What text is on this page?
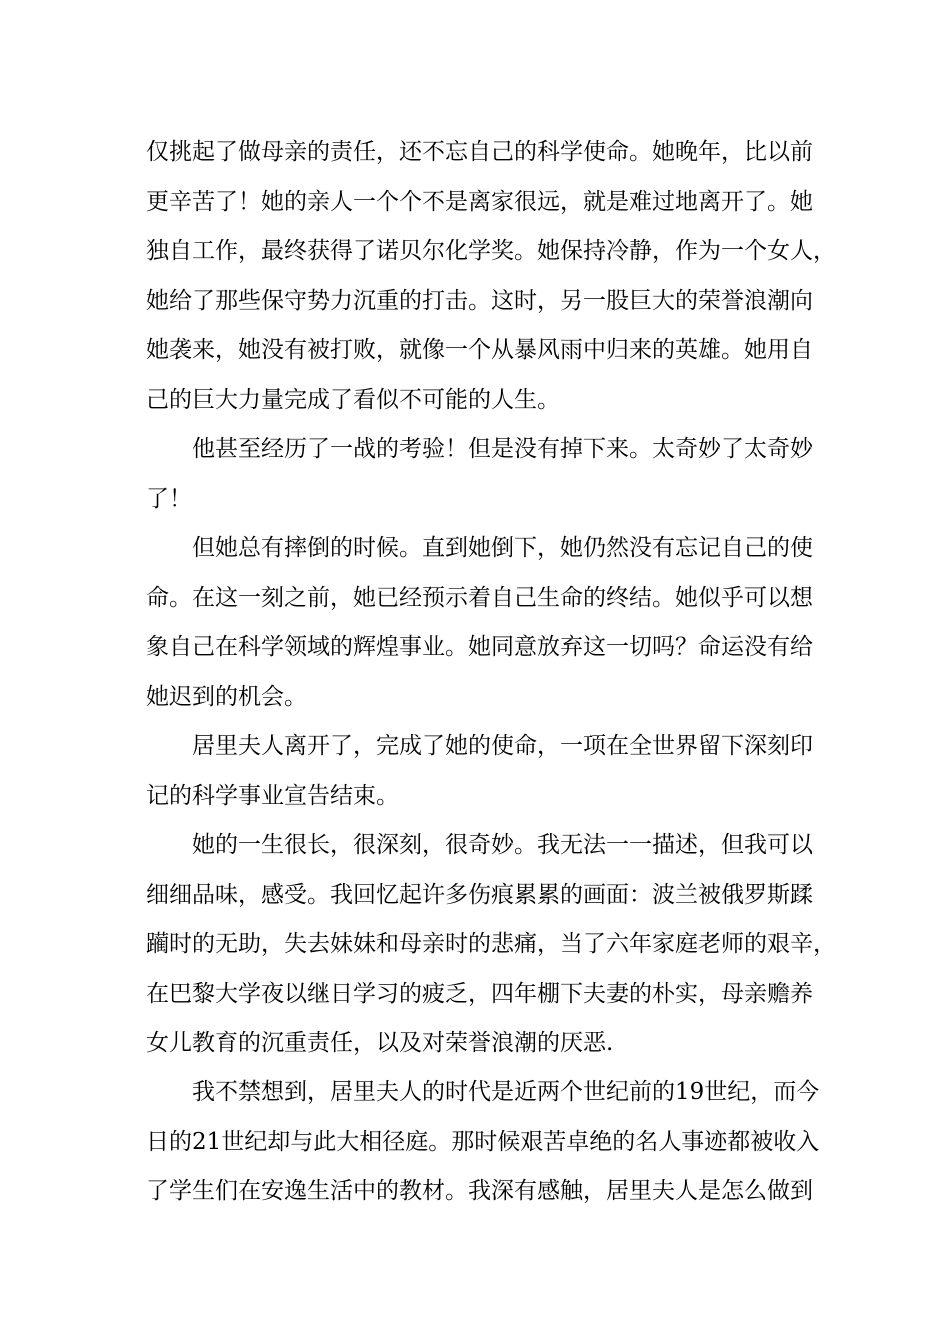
仅挑起了做母亲的责任，还不忘自己的科学使命。她晚年，比以前
更辛苦了！她的亲人一个个不是离家很远，就是难过地离开了。她
独自工作，最终获得了诺贝尔化学奖。她保持冷静，作为一个女人，
她给了那些保守势力沉重的打击。这时，另一股巨大的荣誉浪潮向
她袭来，她没有被打败，就像一个从暴风雨中归来的英雄。她用自
己的巨大力量完成了看似不可能的人生。

他甚至经历了一战的考验！但是没有掉下来。太奇妙了太奇妙
了！

但她总有摔倒的时候。直到她倒下，她仍然没有忘记自己的使
命。在这一刻之前，她已经预示着自己生命的终结。她似乎可以想
象自己在科学领域的辉煌事业。她同意放弃这一切吗？命运没有给
她迟到的机会。

居里夫人离开了，完成了她的使命，一项在全世界留下深刻印
记的科学事业宣告结束。

她的一生很长，很深刻，很奇妙。我无法一一描述，但我可以
细细品味，感受。我回忆起许多伤痕累累的画面：波兰被俄罗斯蹂
躏时的无助，失去妹妹和母亲时的悲痛，当了六年家庭老师的艰辛，
在巴黎大学夜以继日学习的疲乏，四年棚下夫妻的朴实，母亲赡养
女儿教育的沉重责任，以及对荣誉浪潮的厌恶.

我不禁想到，居里夫人的时代是近两个世纪前的19世纪，而今
日的21世纪却与此大相径庭。那时候艰苦卓绝的名人事迹都被收入
了学生们在安逸生活中的教材。我深有感触，居里夫人是怎么做到
